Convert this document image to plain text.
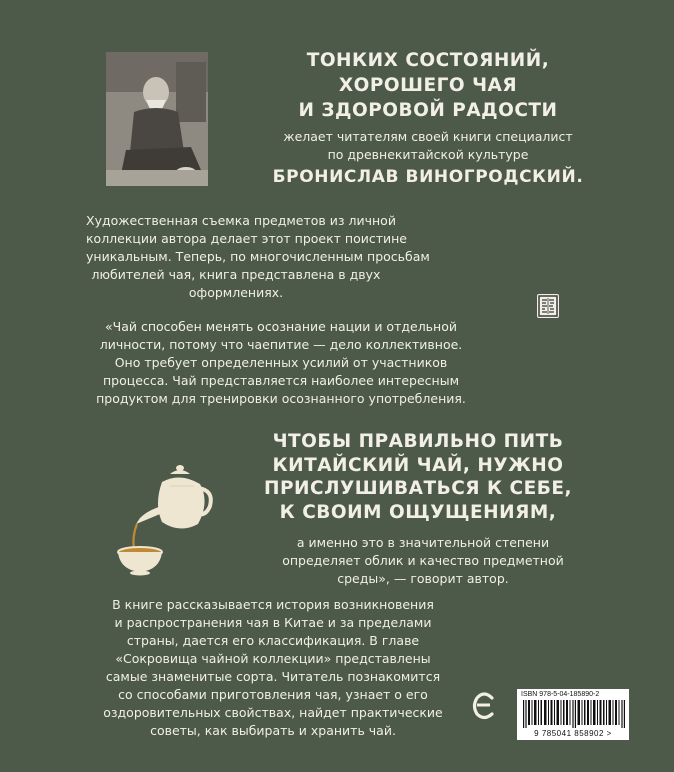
ТОНКИХ СОСТОЯНИЙ,
ХОРОШЕГО ЧАЯ
И ЗДОРОВОЙ РАДОСТИ
желает читателям своей книги специалист
по древнекитайской культуре
БРОНИСЛАВ ВИНОГРОДСКИЙ.
Художественная съемка предметов из личной
коллекции автора делает этот проект поистине
уникальным. Теперь, по многочисленным просьбам
любителей чая, книга представлена в двух
оформлениях.
«Чай способен менять осознание нации и отдельной
личности, потому что чаепитие — дело коллективное.
Оно требует определенных усилий от участников
процесса. Чай представляется наиболее интересным
продуктом для тренировки осознанного употребления.
ЧТОБЫ ПРАВИЛЬНО ПИТЬ
КИТАЙСКИЙ ЧАЙ, НУЖНО
ПРИСЛУШИВАТЬСЯ К СЕБЕ,
К СВОИМ ОЩУЩЕНИЯМ,
а именно это в значительной степени
определяет облик и качество предметной
среды», — говорит автор.
В книге рассказывается история возникновения
и распространения чая в Китае и за пределами
страны, дается его классификация. В главе
«Сокровища чайной коллекции» представлены
самые знаменитые сорта. Читатель познакомится
со способами приготовления чая, узнает о его
оздоровительных свойствах, найдет практические
советы, как выбирать и хранить чай.
ISBN 978-5-04-185890-2
9 785041 858902 >
